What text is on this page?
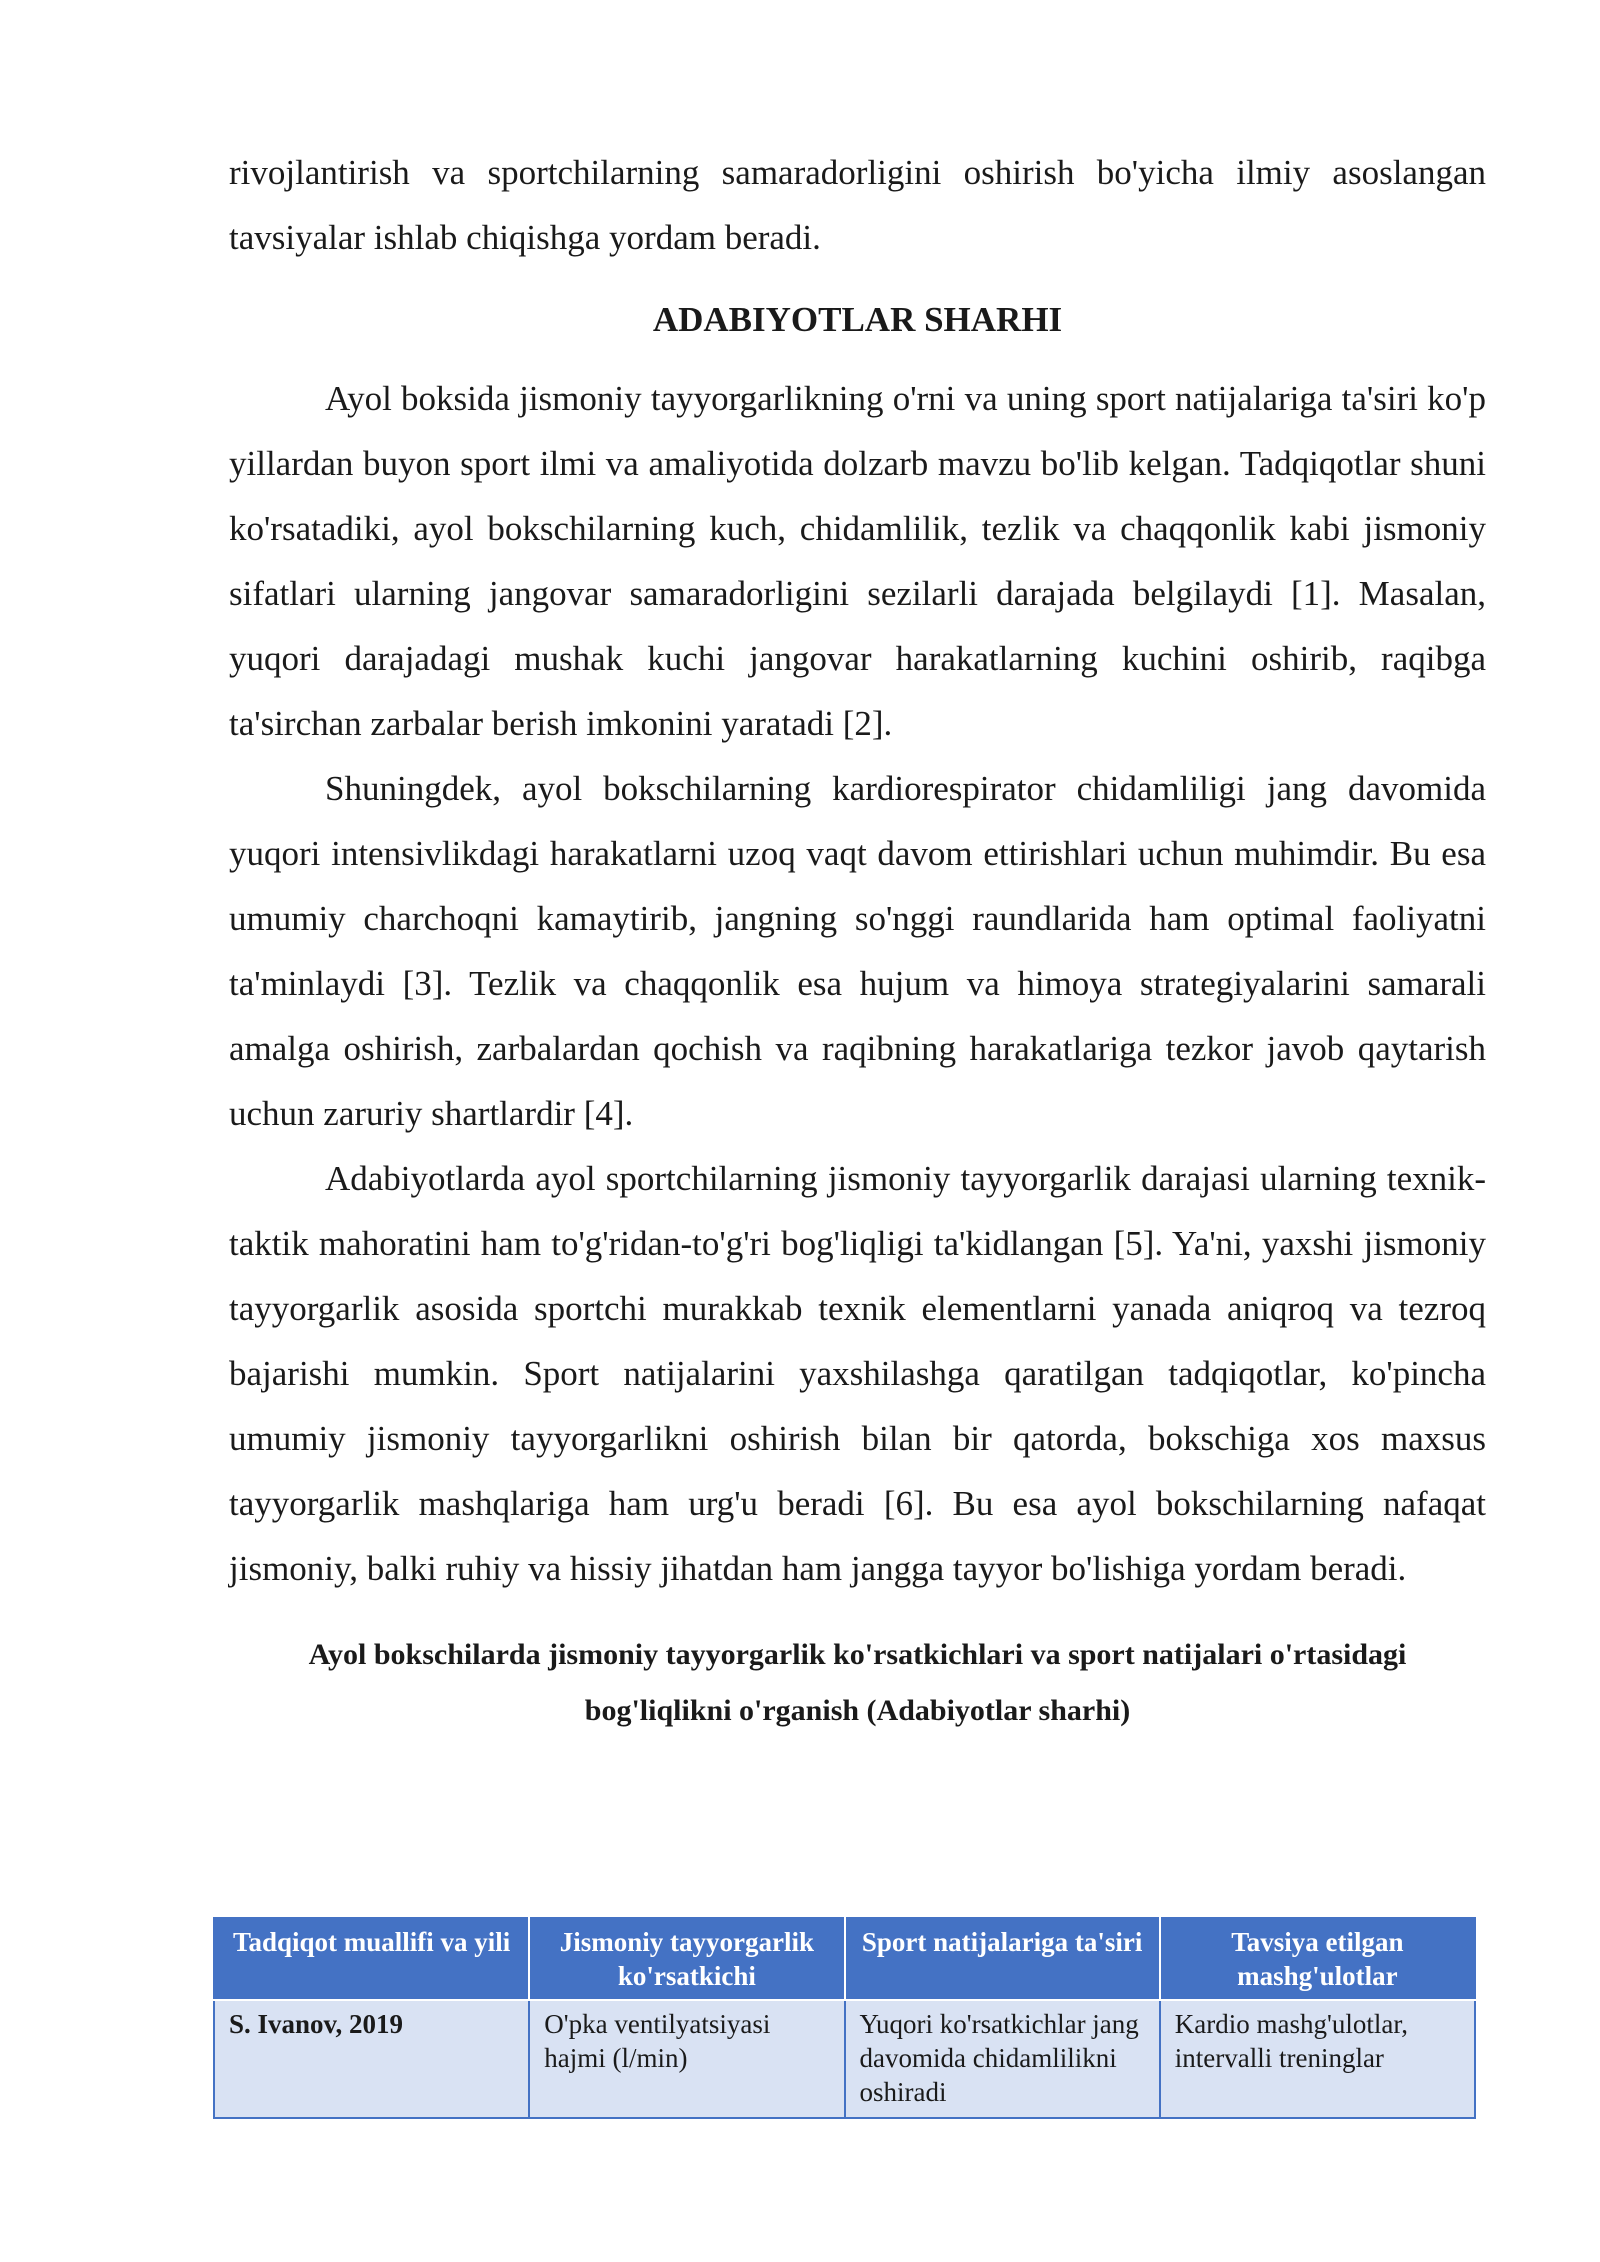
rivojlantirish va sportchilarning samaradorligini oshirish bo'yicha ilmiy asoslangan tavsiyalar ishlab chiqishga yordam beradi.

ADABIYOTLAR SHARHI

Ayol boksida jismoniy tayyorgarlikning o'rni va uning sport natijalariga ta'siri ko'p yillardan buyon sport ilmi va amaliyotida dolzarb mavzu bo'lib kelgan. Tadqiqotlar shuni ko'rsatadiki, ayol bokschilarning kuch, chidamlilik, tezlik va chaqqonlik kabi jismoniy sifatlari ularning jangovar samaradorligini sezilarli darajada belgilaydi [1]. Masalan, yuqori darajadagi mushak kuchi jangovar harakatlarning kuchini oshirib, raqibga ta'sirchan zarbalar berish imkonini yaratadi [2].

Shuningdek, ayol bokschilarning kardiorespirator chidamliligi jang davomida yuqori intensivlikdagi harakatlarni uzoq vaqt davom ettirishlari uchun muhimdir. Bu esa umumiy charchoqni kamaytirib, jangning so'nggi raundlarida ham optimal faoliyatni ta'minlaydi [3]. Tezlik va chaqqonlik esa hujum va himoya strategiyalarini samarali amalga oshirish, zarbalardan qochish va raqibning harakatlariga tezkor javob qaytarish uchun zaruriy shartlardir [4].

Adabiyotlarda ayol sportchilarning jismoniy tayyorgarlik darajasi ularning texnik-taktik mahoratini ham to'g'ridan-to'g'ri bog'liqligi ta'kidlangan [5]. Ya'ni, yaxshi jismoniy tayyorgarlik asosida sportchi murakkab texnik elementlarni yanada aniqroq va tezroq bajarishi mumkin. Sport natijalarini yaxshilashga qaratilgan tadqiqotlar, ko'pincha umumiy jismoniy tayyorgarlikni oshirish bilan bir qatorda, bokschiga xos maxsus tayyorgarlik mashqlariga ham urg'u beradi [6]. Bu esa ayol bokschilarning nafaqat jismoniy, balki ruhiy va hissiy jihatdan ham jangga tayyor bo'lishiga yordam beradi.

Ayol bokschilarda jismoniy tayyorgarlik ko'rsatkichlari va sport natijalari o'rtasidagi bog'liqlikni o'rganish (Adabiyotlar sharhi)

Tadqiqot muallifi va yili	Jismoniy tayyorgarlik ko'rsatkichi	Sport natijalariga ta'siri	Tavsiya etilgan mashg'ulotlar
S. Ivanov, 2019	O'pka ventilyatsiyasi hajmi (l/min)	Yuqori ko'rsatkichlar jang davomida chidamlilikni oshiradi	Kardio mashg'ulotlar, intervalli treninglar
